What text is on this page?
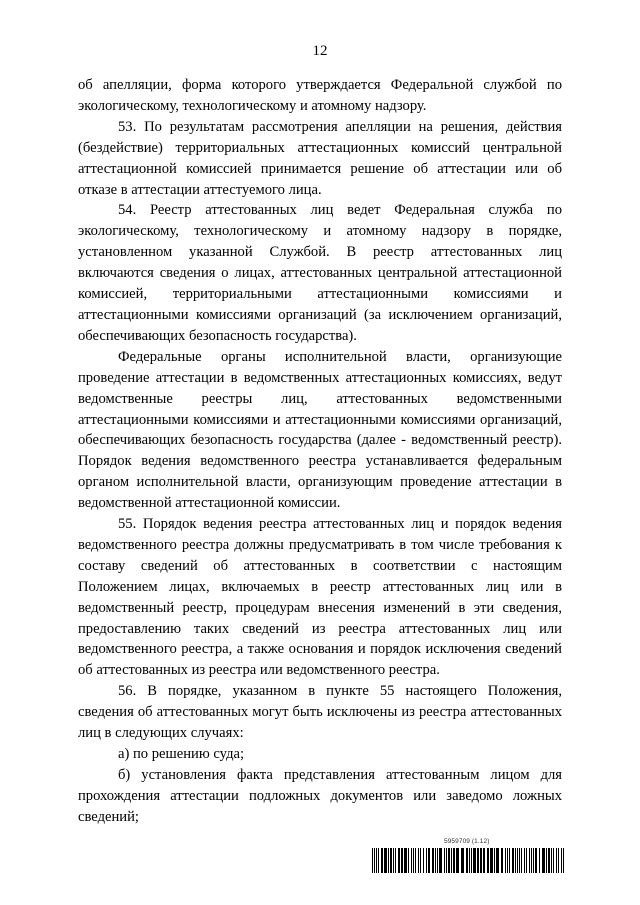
12

об апелляции, форма которого утверждается Федеральной службой по экологическому, технологическому и атомному надзору.

53. По результатам рассмотрения апелляции на решения, действия (бездействие) территориальных аттестационных комиссий центральной аттестационной комиссией принимается решение об аттестации или об отказе в аттестации аттестуемого лица.

54. Реестр аттестованных лиц ведет Федеральная служба по экологическому, технологическому и атомному надзору в порядке, установленном указанной Службой. В реестр аттестованных лиц включаются сведения о лицах, аттестованных центральной аттестационной комиссией, территориальными аттестационными комиссиями и аттестационными комиссиями организаций (за исключением организаций, обеспечивающих безопасность государства).

Федеральные органы исполнительной власти, организующие проведение аттестации в ведомственных аттестационных комиссиях, ведут ведомственные реестры лиц, аттестованных ведомственными аттестационными комиссиями и аттестационными комиссиями организаций, обеспечивающих безопасность государства (далее - ведомственный реестр). Порядок ведения ведомственного реестра устанавливается федеральным органом исполнительной власти, организующим проведение аттестации в ведомственной аттестационной комиссии.

55. Порядок ведения реестра аттестованных лиц и порядок ведения ведомственного реестра должны предусматривать в том числе требования к составу сведений об аттестованных в соответствии с настоящим Положением лицах, включаемых в реестр аттестованных лиц или в ведомственный реестр, процедурам внесения изменений в эти сведения, предоставлению таких сведений из реестра аттестованных лиц или ведомственного реестра, а также основания и порядок исключения сведений об аттестованных из реестра или ведомственного реестра.

56. В порядке, указанном в пункте 55 настоящего Положения, сведения об аттестованных могут быть исключены из реестра аттестованных лиц в следующих случаях:

а) по решению суда;

б) установления факта представления аттестованным лицом для прохождения аттестации подложных документов или заведомо ложных сведений;

5959709 (1.12)
